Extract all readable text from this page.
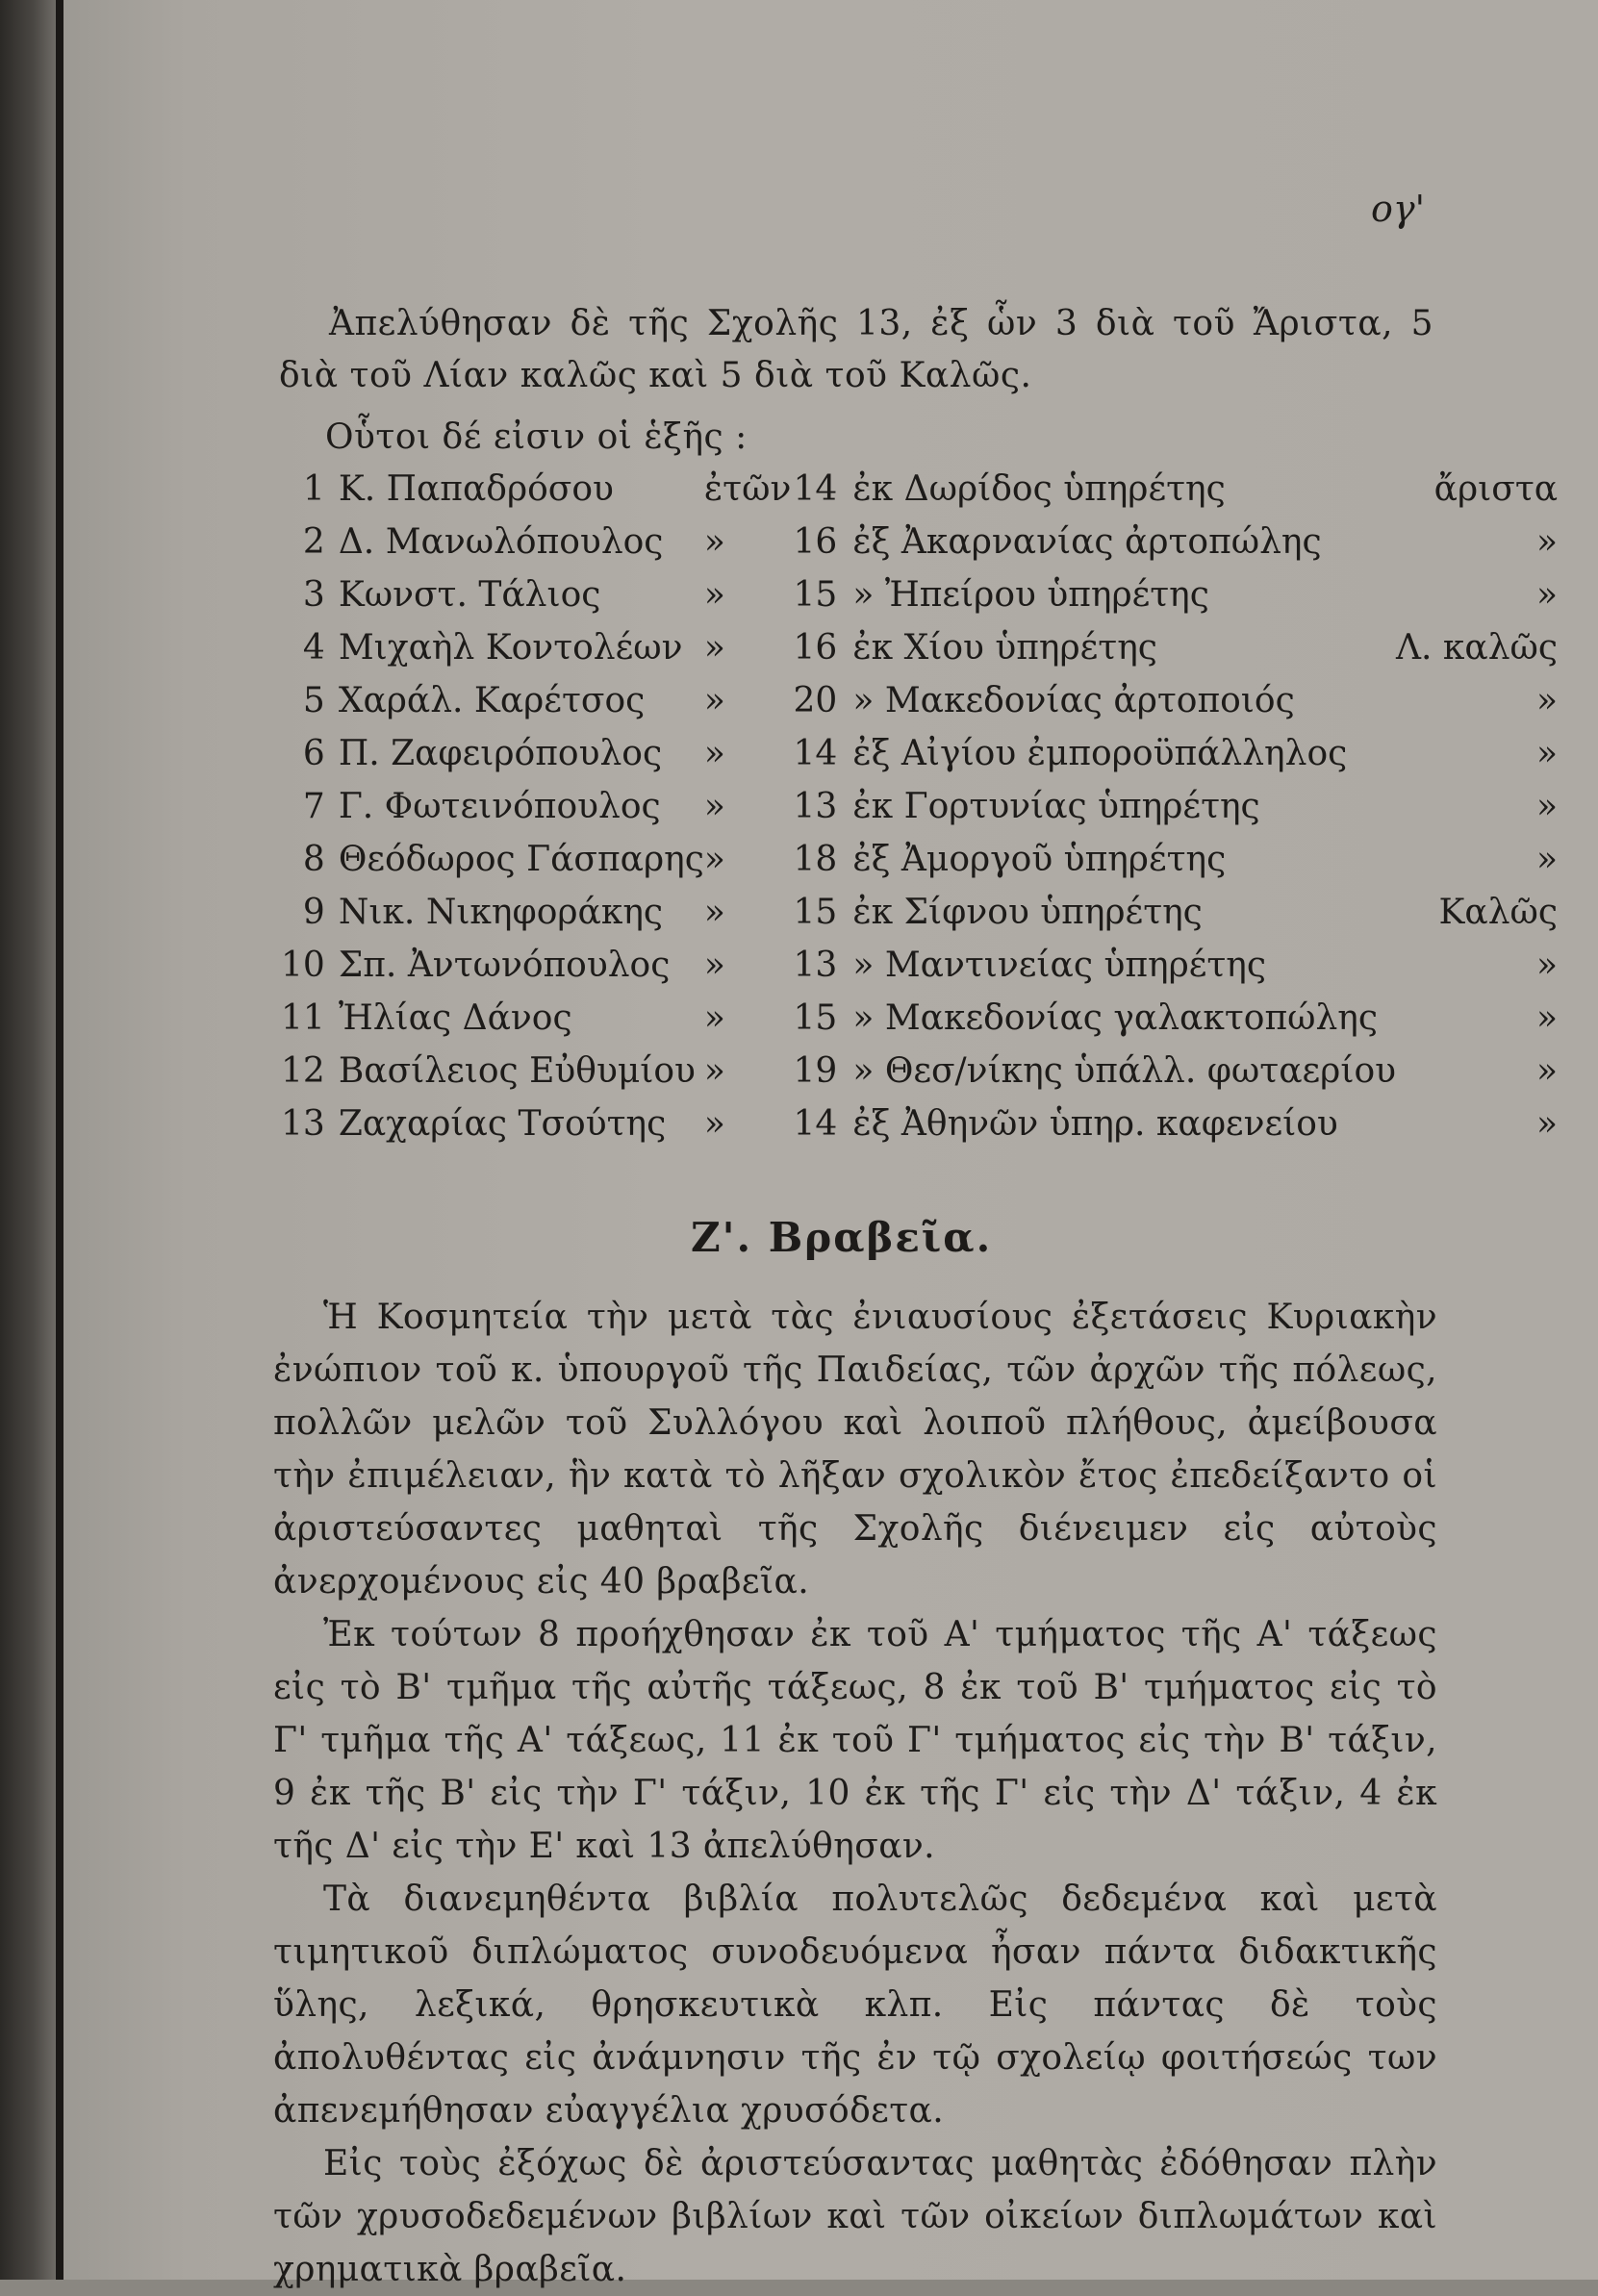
ογ'
Ἀπελύθησαν δὲ τῆς Σχολῆς 13, ἐξ ὧν 3 διὰ τοῦ Ἄριστα, 5 διὰ τοῦ Λίαν καλῶς καὶ 5 διὰ τοῦ Καλῶς.
Οὗτοι δέ εἰσιν οἱ ἑξῆς :
1	Κ. Παπαδρόσου	ἐτῶν	14	ἐκ Δωρίδος ὑπηρέτης	ἄριστα
2	Δ. Μανωλόπουλος	»	16	ἐξ Ἀκαρνανίας ἀρτοπώλης	»
3	Κωνστ. Τάλιος	»	15	» Ἠπείρου ὑπηρέτης	»
4	Μιχαὴλ Κοντολέων	»	16	ἐκ Χίου ὑπηρέτης	Λ. καλῶς
5	Χαράλ. Καρέτσος	»	20	» Μακεδονίας ἀρτοποιός	»
6	Π. Ζαφειρόπουλος	»	14	ἐξ Αἰγίου ἐμποροϋπάλληλος	»
7	Γ. Φωτεινόπουλος	»	13	ἐκ Γορτυνίας ὑπηρέτης	»
8	Θεόδωρος Γάσπαρης	»	18	ἐξ Ἀμοργοῦ ὑπηρέτης	»
9	Νικ. Νικηφοράκης	»	15	ἐκ Σίφνου ὑπηρέτης	Καλῶς
10	Σπ. Ἀντωνόπουλος	»	13	» Μαντινείας ὑπηρέτης	»
11	Ἠλίας Δάνος	»	15	» Μακεδονίας γαλακτοπώλης	»
12	Βασίλειος Εὐθυμίου	»	19	» Θεσ/νίκης ὑπάλλ. φωταερίου	»
13	Ζαχαρίας Τσούτης	»	14	ἐξ Ἀθηνῶν ὑπηρ. καφενείου	»
Ζ'. Βραβεῖα.

Ἡ Κοσμητεία τὴν μετὰ τὰς ἐνιαυσίους ἐξετάσεις Κυριακὴν ἐνώπιον τοῦ κ. ὑπουργοῦ τῆς Παιδείας, τῶν ἀρχῶν τῆς πόλεως, πολλῶν μελῶν τοῦ Συλλόγου καὶ λοιποῦ πλήθους, ἀμείβουσα τὴν ἐπιμέλειαν, ἣν κατὰ τὸ λῆξαν σχολικὸν ἔτος ἐπεδείξαντο οἱ ἀριστεύσαντες μαθηταὶ τῆς Σχολῆς διένειμεν εἰς αὐτοὺς ἀνερχομένους εἰς 40 βραβεῖα.

Ἐκ τούτων 8 προήχθησαν ἐκ τοῦ Α' τμήματος τῆς Α' τάξεως εἰς τὸ Β' τμῆμα τῆς αὐτῆς τάξεως, 8 ἐκ τοῦ Β' τμήματος εἰς τὸ Γ' τμῆμα τῆς Α' τάξεως, 11 ἐκ τοῦ Γ' τμήματος εἰς τὴν Β' τάξιν, 9 ἐκ τῆς Β' εἰς τὴν Γ' τάξιν, 10 ἐκ τῆς Γ' εἰς τὴν Δ' τάξιν, 4 ἐκ τῆς Δ' εἰς τὴν Ε' καὶ 13 ἀπελύθησαν.

Τὰ διανεμηθέντα βιβλία πολυτελῶς δεδεμένα καὶ μετὰ τιμητικοῦ διπλώματος συνοδευόμενα ἦσαν πάντα διδακτικῆς ὕλης, λεξικά, θρησκευτικὰ κλπ. Εἰς πάντας δὲ τοὺς ἀπολυθέντας εἰς ἀνάμνησιν τῆς ἐν τῷ σχολείῳ φοιτήσεώς των ἀπενεμήθησαν εὐαγγέλια χρυσόδετα.

Εἰς τοὺς ἐξόχως δὲ ἀριστεύσαντας μαθητὰς ἐδόθησαν πλὴν τῶν χρυσοδεδεμένων βιβλίων καὶ τῶν οἰκείων διπλωμάτων καὶ χρηματικὰ βραβεῖα.
